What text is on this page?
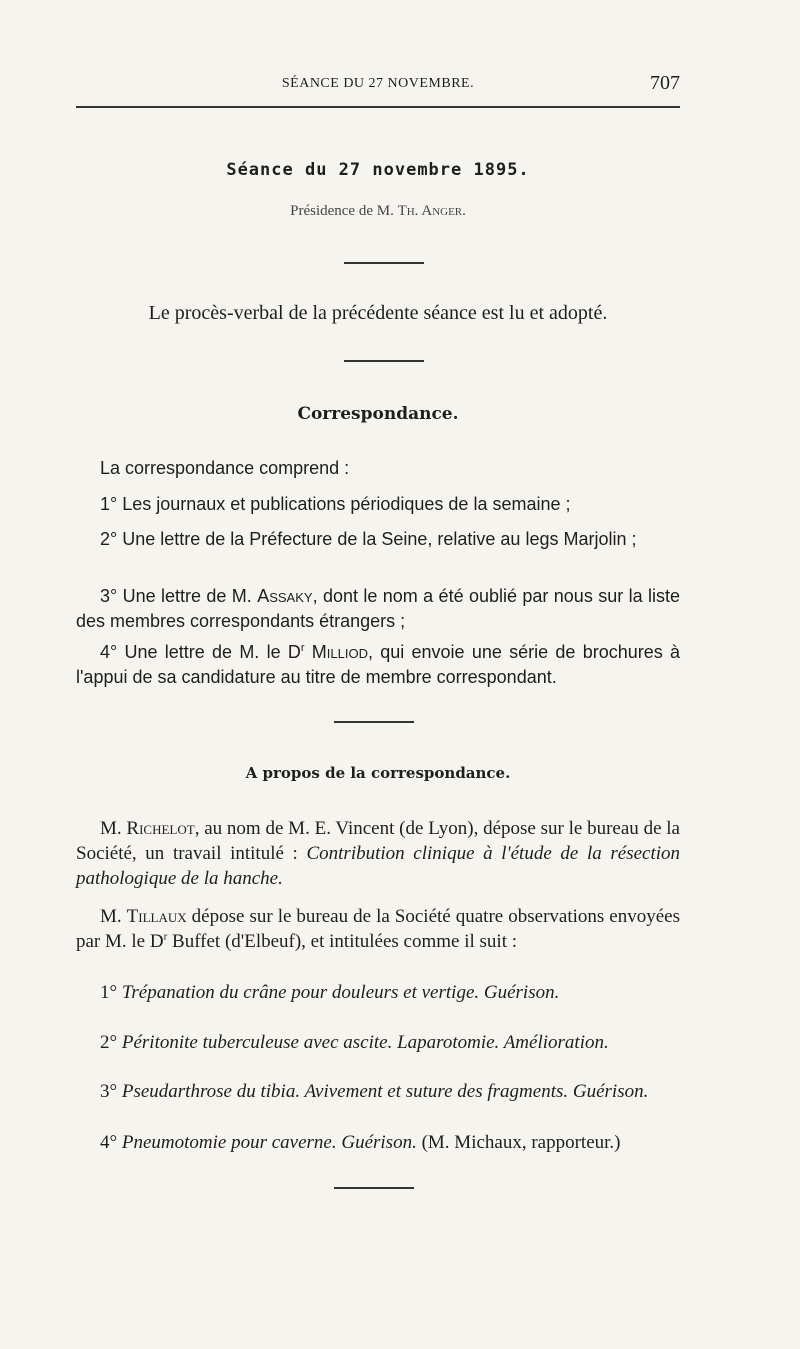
SÉANCE DU 27 NOVEMBRE.	707
Séance du 27 novembre 1895.
Présidence de M. Th. Anger.
Le procès-verbal de la précédente séance est lu et adopté.
Correspondance.
La correspondance comprend :
1° Les journaux et publications périodiques de la semaine ;
2° Une lettre de la Préfecture de la Seine, relative au legs Marjolin ;
3° Une lettre de M. Assaky, dont le nom a été oublié par nous sur la liste des membres correspondants étrangers ;
4° Une lettre de M. le $D^r$ Milliod, qui envoie une série de brochures à l'appui de sa candidature au titre de membre correspondant.
A propos de la correspondance.
M. Richelot, au nom de M. E. Vincent (de Lyon), dépose sur le bureau de la Société, un travail intitulé : Contribution clinique à l'étude de la résection pathologique de la hanche.
M. Tillaux dépose sur le bureau de la Société quatre observations envoyées par M. le $D^r$ Buffet (d'Elbeuf), et intitulées comme il suit :
1° Trépanation du crâne pour douleurs et vertige. Guérison.
2° Péritonite tuberculeuse avec ascite. Laparotomie. Amélioration.
3° Pseudarthrose du tibia. Avivement et suture des fragments. Guérison.
4° Pneumotomie pour caverne. Guérison. (M. Michaux, rapporteur.)
